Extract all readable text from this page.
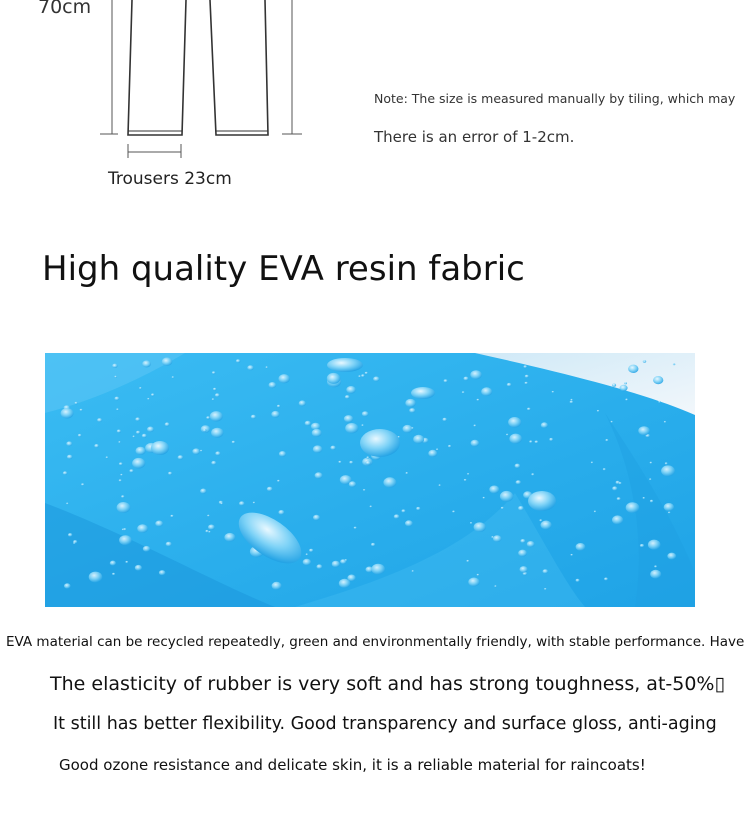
70cm
Trousers 23cm
Note: The size is measured manually by tiling, which may
There is an error of 1-2cm.
High quality EVA resin fabric
EVA material can be recycled repeatedly, green and environmentally friendly, with stable performance. Have
The elasticity of rubber is very soft and has strong toughness, at-50%▯
It still has better flexibility. Good transparency and surface gloss, anti-aging
Good ozone resistance and delicate skin, it is a reliable material for raincoats!
